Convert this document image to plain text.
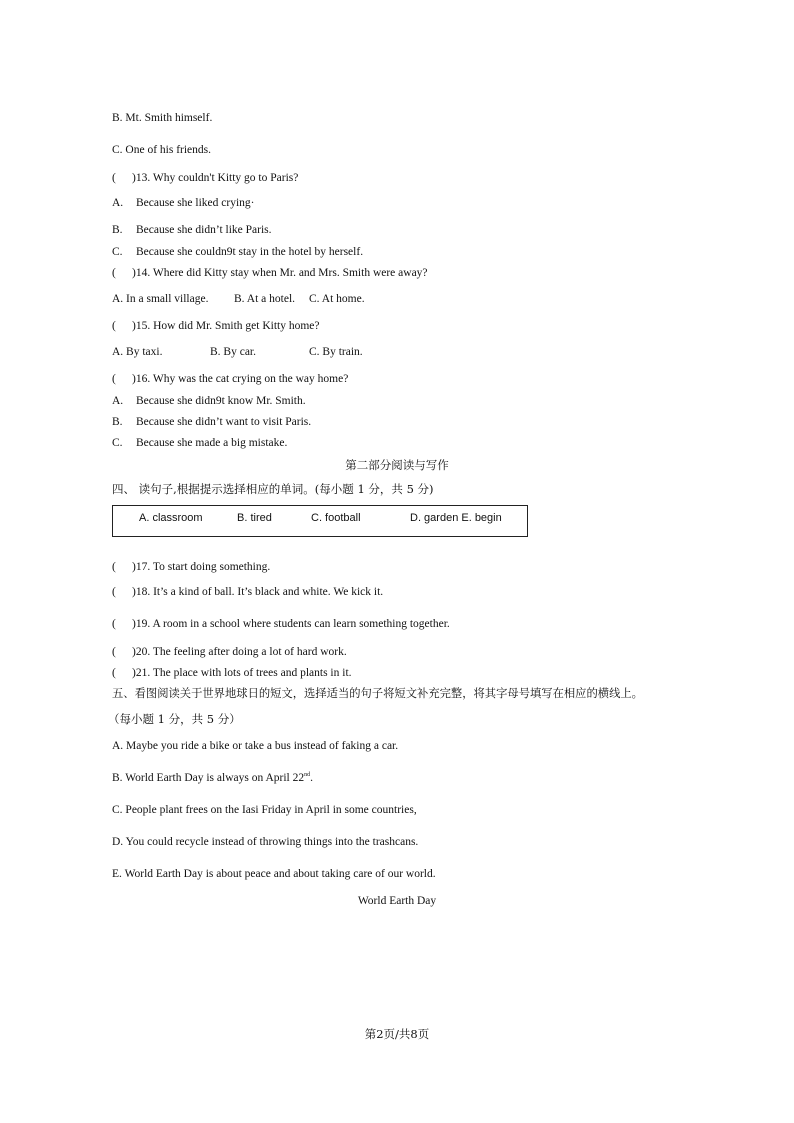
B. Mt. Smith himself.
C. One of his friends.
( )13. Why couldn't Kitty go to Paris?
A. Because she liked crying·
B. Because she didn’t like Paris.
C. Because she couldn9t stay in the hotel by herself.
( )14. Where did Kitty stay when Mr. and Mrs. Smith were away?
A. In a small village. B. At a hotel. C. At home.
( )15. How did Mr. Smith get Kitty home?
A. By taxi.	B. By car.	C. By train.
( )16. Why was the cat crying on the way home?
A. Because she didn9t know Mr. Smith.
B. Because she didn’t want to visit Paris.
C. Because she made a big mistake.
第二部分阅读与写作
四、 读句子,根据提示选择相应的单词。(每小题 1 分，共 5 分)
A. classroom	B. tired	C. football	D. garden E. begin
( )17. To start doing something.
( )18. It’s a kind of ball. It’s black and white. We kick it.
( )19. A room in a school where students can learn something together.
( )20. The feeling after doing a lot of hard work.
( )21. The place with lots of trees and plants in it.
五、看图阅读关于世界地球日的短文，选择适当的句子将短文补充完整，将其字母号填写在相应的横线上。
（每小题 1 分，共 5 分）
A. Maybe you ride a bike or take a bus instead of faking a car.
B. World Earth Day is always on April 22nd.
C. People plant frees on the Iasi Friday in April in some countries,
D. You could recycle instead of throwing things into the trashcans.
E. World Earth Day is about peace and about taking care of our world.
World Earth Day
第2页/共8页
